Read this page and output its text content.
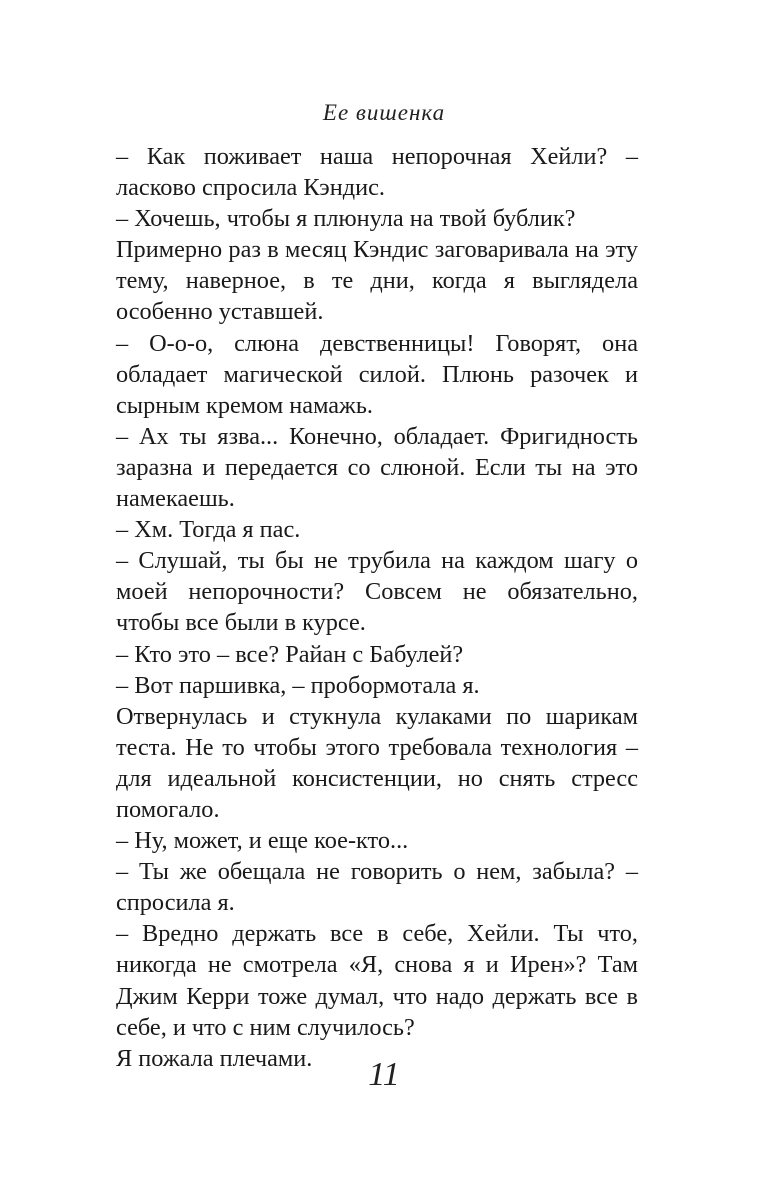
Ее вишенка

– Как поживает наша непорочная Хейли? – ласково спросила Кэндис.

– Хочешь, чтобы я плюнула на твой бублик?

Примерно раз в месяц Кэндис заговаривала на эту тему, наверное, в те дни, когда я выглядела особенно уставшей.

– О-о-о, слюна девственницы! Говорят, она обладает магической силой. Плюнь разочек и сырным кремом намажь.

– Ах ты язва... Конечно, обладает. Фригидность заразна и передается со слюной. Если ты на это намекаешь.

– Хм. Тогда я пас.

– Слушай, ты бы не трубила на каждом шагу о моей непорочности? Совсем не обязательно, чтобы все были в курсе.

– Кто это – все? Райан с Бабулей?

– Вот паршивка, – пробормотала я.

Отвернулась и стукнула кулаками по шарикам теста. Не то чтобы этого требовала технология – для идеальной консистенции, но снять стресс помогало.

– Ну, может, и еще кое-кто...

– Ты же обещала не говорить о нем, забыла? – спросила я.

– Вредно держать все в себе, Хейли. Ты что, никогда не смотрела «Я, снова я и Ирен»? Там Джим Керри тоже думал, что надо держать все в себе, и что с ним случилось?

Я пожала плечами.	11
